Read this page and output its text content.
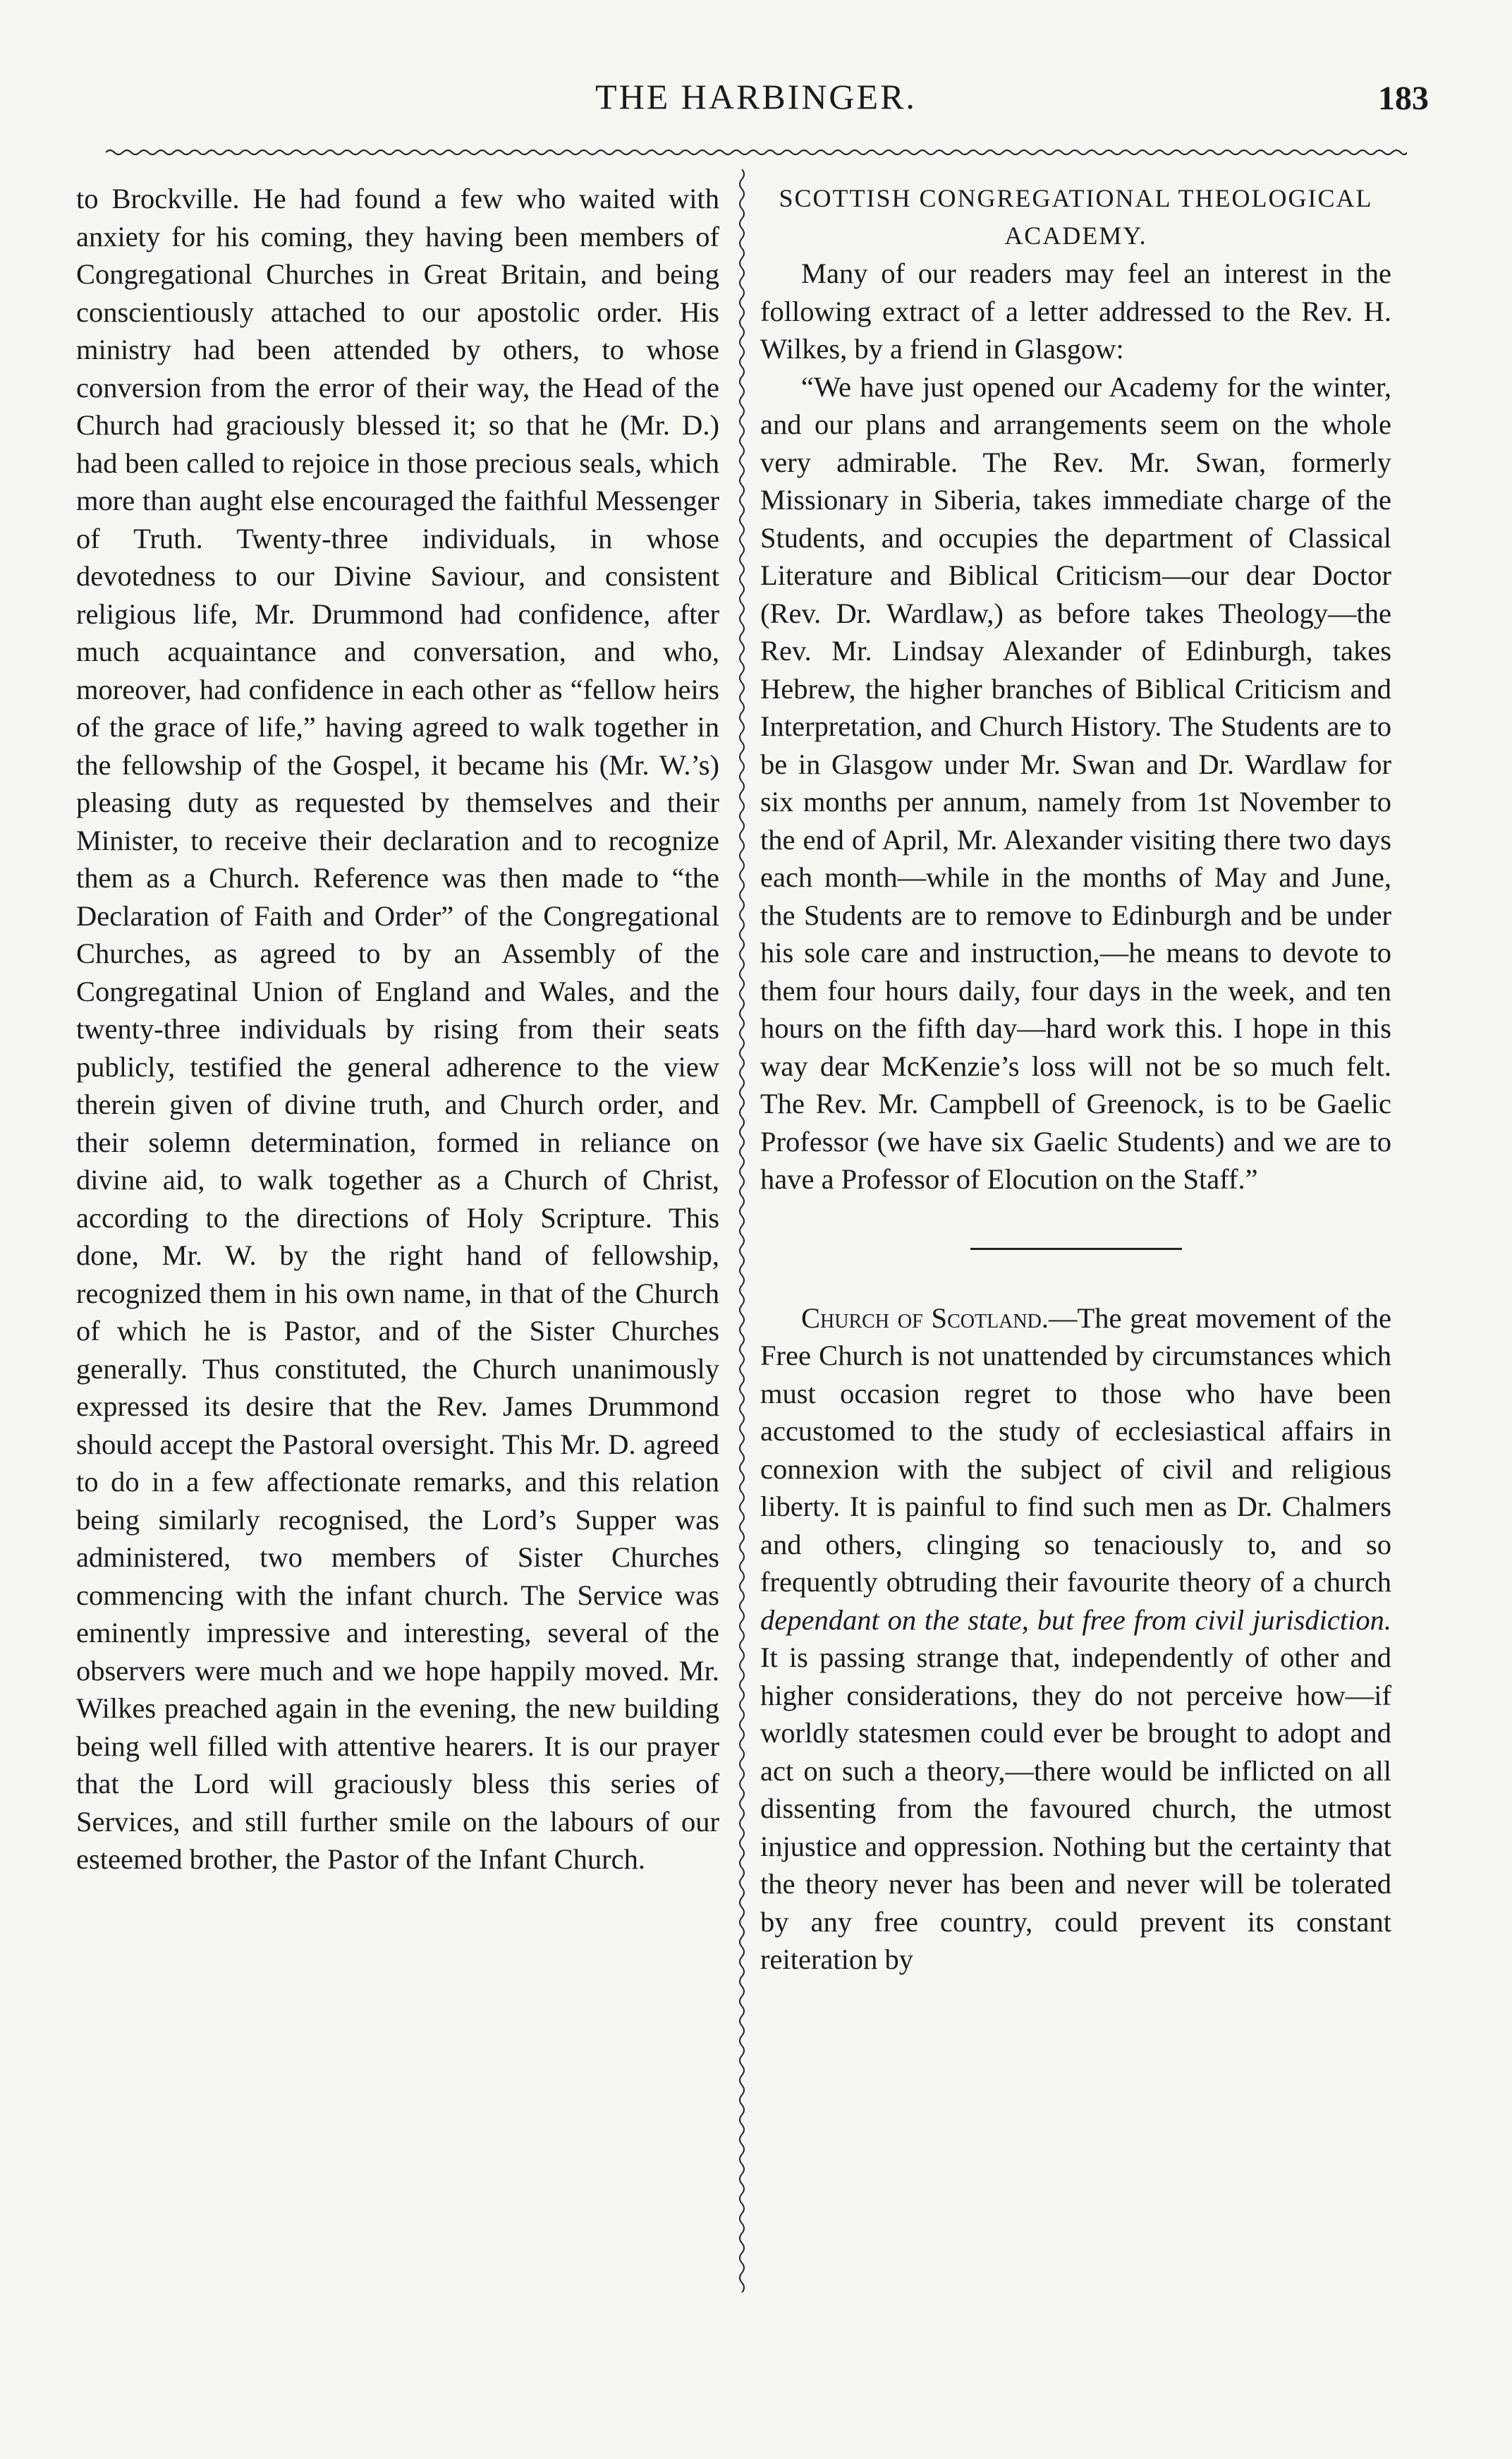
THE HARBINGER.	183

to Brockville. He had found a few who waited with anxiety for his coming, they having been members of Congregational Churches in Great Britain, and being conscientiously attached to our apostolic order. His ministry had been attended by others, to whose conversion from the error of their way, the Head of the Church had graciously blessed it; so that he (Mr. D.) had been called to rejoice in those precious seals, which more than aught else encouraged the faithful Messenger of Truth. Twenty-three individuals, in whose devotedness to our Divine Saviour, and consistent religious life, Mr. Drummond had confidence, after much acquaintance and conversation, and who, moreover, had confidence in each other as “fellow heirs of the grace of life,” having agreed to walk together in the fellowship of the Gospel, it became his (Mr. W.’s) pleasing duty as requested by themselves and their Minister, to receive their declaration and to recognize them as a Church. Reference was then made to “the Declaration of Faith and Order” of the Congregational Churches, as agreed to by an Assembly of the Congregatinal Union of England and Wales, and the twenty-three individuals by rising from their seats publicly, testified the general adherence to the view therein given of divine truth, and Church order, and their solemn determination, formed in reliance on divine aid, to walk together as a Church of Christ, according to the directions of Holy Scripture. This done, Mr. W. by the right hand of fellowship, recognized them in his own name, in that of the Church of which he is Pastor, and of the Sister Churches generally. Thus constituted, the Church unanimously expressed its desire that the Rev. James Drummond should accept the Pastoral oversight. This Mr. D. agreed to do in a few affectionate remarks, and this relation being similarly recognised, the Lord’s Supper was administered, two members of Sister Churches commencing with the infant church. The Service was eminently impressive and interesting, several of the observers were much and we hope happily moved. Mr. Wilkes preached again in the evening, the new building being well filled with attentive hearers. It is our prayer that the Lord will graciously bless this series of Services, and still further smile on the labours of our esteemed brother, the Pastor of the Infant Church.

SCOTTISH CONGREGATIONAL THEOLOGICAL

ACADEMY.

Many of our readers may feel an interest in the following extract of a letter addressed to the Rev. H. Wilkes, by a friend in Glasgow:

“We have just opened our Academy for the winter, and our plans and arrangements seem on the whole very admirable. The Rev. Mr. Swan, formerly Missionary in Siberia, takes immediate charge of the Students, and occupies the department of Classical Literature and Biblical Criticism—our dear Doctor (Rev. Dr. Wardlaw,) as before takes Theology—the Rev. Mr. Lindsay Alexander of Edinburgh, takes Hebrew, the higher branches of Biblical Criticism and Interpretation, and Church History. The Students are to be in Glasgow under Mr. Swan and Dr. Wardlaw for six months per annum, namely from 1st November to the end of April, Mr. Alexander visiting there two days each month—while in the months of May and June, the Students are to remove to Edinburgh and be under his sole care and instruction,—he means to devote to them four hours daily, four days in the week, and ten hours on the fifth day—hard work this. I hope in this way dear McKenzie’s loss will not be so much felt. The Rev. Mr. Campbell of Greenock, is to be Gaelic Professor (we have six Gaelic Students) and we are to have a Professor of Elocution on the Staff.”

Church of Scotland.—The great movement of the Free Church is not unattended by circumstances which must occasion regret to those who have been accustomed to the study of ecclesiastical affairs in connexion with the subject of civil and religious liberty. It is painful to find such men as Dr. Chalmers and others, clinging so tenaciously to, and so frequently obtruding their favourite theory of a church dependant on the state, but free from civil jurisdiction. It is passing strange that, independently of other and higher considerations, they do not perceive how—if worldly statesmen could ever be brought to adopt and act on such a theory,—there would be inflicted on all dissenting from the favoured church, the utmost injustice and oppression. Nothing but the certainty that the theory never has been and never will be tolerated by any free country, could prevent its constant reiteration by
